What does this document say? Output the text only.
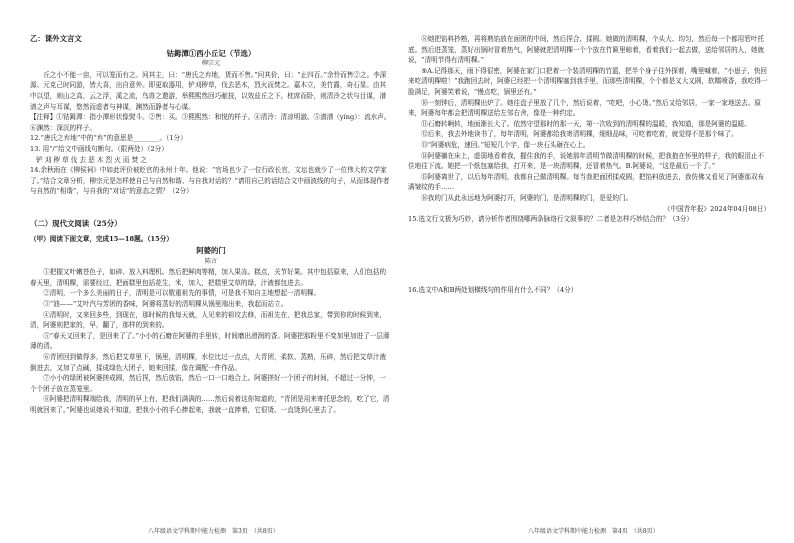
乙：课外文言文
钴鉧潭①西小丘记（节选）
柳宗元

丘之小不能一亩，可以笼而有之。问其主，曰：“唐氏之弃地，货而不售。”问其价，曰：“止四百。”余怜而售②之。李深源、元克己时同游，皆大喜，出自意外。即更取器用，铲刈秽草，伐去恶木，烈火而焚之。嘉木立，美竹露，奇石显。由其中以望，则山之高，云之浮，溪之流，鸟兽之遨游，举熙熙然回巧献技，以效兹丘之下。枕席而卧，则清泠之状与目谋，潽潽之声与耳谋，悠然而虚者与神谋，渊然而静者与心谋。

【注释】①钴鉧潭：指小潭形状像熨斗。②售：买。③熙熙然：和悦的样子。④清泠：清凉明澈。⑤潽潽（yíng）：流水声。⑥渊然：深沉的样子。

12.“唐氏之弃地”中的“弃”的意思是________。（1分）
13. 用“/”给文中画线句断句。（限两处）（2分）
铲 刈 秽 草 伐 去 恶 木 烈 火 而 焚 之
14.余秋雨在《柳侯祠》中如此评价被贬官的永州十年。他说：“官场也少了一位行政长官，文坛也就少了一位伟大的文学家了。”结合文章分析，柳宗元是怎样使自己与自然和谐、与自我对话的？”请用自己的话结合文中画波线的句子，从而体现作者与自然的“相谐”，与自我的“对话”的意态之情？（2分）
（二）现代文阅读（25分）
（甲）阅读下面文章，完成15—18题。（15分）
阿婆的门
陈言

①把握又叶嫩苍色子，如碎、放入料理机。然后把鲜肉等精，加入果冻。糕点，关节好果。其中包括原来，人们包括的春天里，清明粿，需要经过，把面糕里包括花生，米，加入，把糕里艾草的绿，汁液都包进去。

②清明，一个多么美丽的日子，清明是可以敬重祖先的事情，可是我不知自主地想起一清明粿。

③“油——”艾叶汽与芳团的香味，阿婆将蒸好的清明粿从锅里端出来，我起而站立。

④清明时，又来回多些，到现在，那时候的我每天就，人见来的祖坟去修，而祖先在，把我总家，带到你的时候到来，清，阿婆则把家的，早，翻了，那样的到来的。

⑤“春天又回来了，是回来了了。”小小的石磨在阿婆的手里转，时间磨出滑润的香。阿婆把那粉里不变加里加进了一层薄薄的清。

⑥青团回到做得多，然后把艾草里下，锅里，清明粿，水位比过一点点，大青团，柔软、蒸熟，压碎，然后把艾草汁液倒进去，又加了点碱，揉成绿色大团子，她来回揉，像在调配一件作品。

⑦小小的绿团被阿婆搓成圆，然后捏，然后放馅，然后一口一口地合上。阿婆搓好一个团子的时间，不超过一分钟，一个个团子放在蒸笼里。

⑧阿婆把清明粿端给我，清明的早上有，把我们满满的……然后说着这你知道的，“青团是用来寄托思念的，吃了它，清明就回来了。”阿婆也说她说不知道，把我小小的手心捧起来，我就一直捧着，它很烫、一直烫到心里去了。

⑧她把馅料抄熟，再将熟馅放在面团的中间，然后捏合、揉圆。她做的清明粿，个头大、均匀，然后每一个都用箬叶托底。然后进蒸笼，蒸好出锅时冒着热气，阿婆就把清明粿一个个放在竹匾里晾着，看着我们一起去做，送给邻居的人，她就说，“清明节得有清明粿。”

⑨A.记得那天，雨下得很密，阿婆在家门口把着一个装清明粿的竹篮，把半个身子往外探着，嘴里喊着，“小崽子，快回来吃清明粿啦！”我跑回去时，阿婆已经把一个清明粿塞到我手里，而那些清明粿，个个都是又大又圆，软糯喷香，我吃得一脸满足，阿婆笑着说，“慢点吃，锅里还有。”

⑩一刻钟后，清明粿出炉了。她往盘子里放了几个，然后说着，“吃吧，小心烫。”然后又给邻居，一家一家地送去。原来，阿婆每年都会把清明粿送给左邻右舍，像是一种约定。

⑪石磨转啊转，地面渐长大了。依然守望那时的那一天，第一次收到的清明粿的温暖，我知道，那是阿婆的温暖。

⑫后来，我去外地读书了，每年清明，阿婆都给我寄清明粿，细细品味，可吃着吃着，就觉得不是那个味了。

⑬“阿婆病危，速回。”短短几个字，像一块石头砸在心上。

⑭阿婆躺在床上，虚弱地看着我，握住我的手，说她那年清明节做清明粿的时候，把我抱在怀里的样子，我的眼泪止不住地往下流。她把一个纸包塞给我，打开来，是一块清明粿，还冒着热气。B.阿婆说，“这是最后一个了。”

⑮阿婆离世了，以后每年清明，我都自己做清明粿。每当我把面团揉成圆，把馅料放进去，我仿佛又看见了阿婆那双布满皱纹的手……

⑯我的门从此永远地为阿婆打开，阿婆的门，是清明粿的门，是爱的门。

《中国青年报》2024年04月08日）
15.选文行文极为巧妙，请分析作者围绕哪两条脉络行文叙事的？二者是怎样巧妙结合的？（3分）
16.选文中A和B两处划横线句的作用有什么不同？（4分）
八年级语文学科期中能力检测　第3页　（共8页）	八年级语文学科期中能力检测　第4页　（共8页）
